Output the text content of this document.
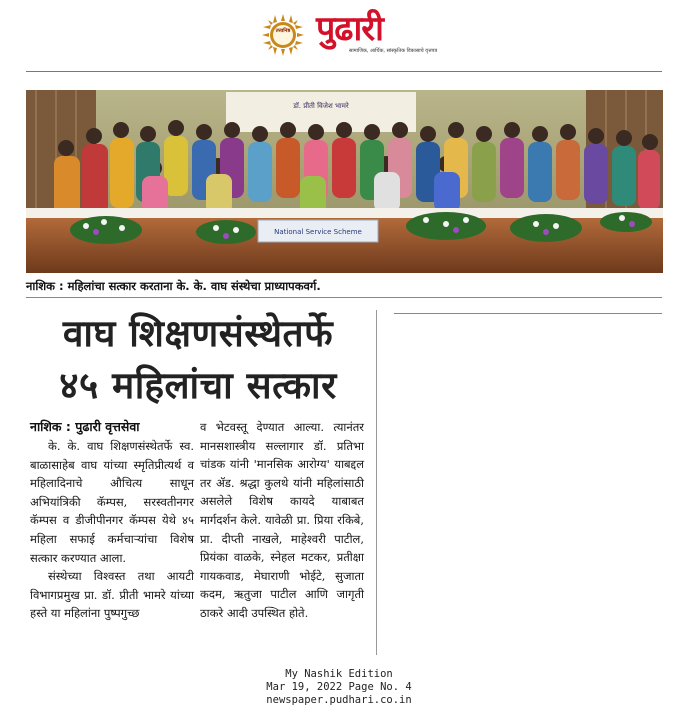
तत्त्वनिष्ठ पुढारी
सामाजिक, आर्थिक, सांस्कृतिक विकासाचे वृत्तपत्र
डॉ. प्रीती विजेश भामरे
National Service Scheme
नाशिक : महिलांचा सत्कार करताना के. के. वाघ संस्थेचा प्राध्यापकवर्ग.
वाघ शिक्षणसंस्थेतर्फे
४५ महिलांचा सत्कार
नाशिक : पुढारी वृत्तसेवा

के. के. वाघ शिक्षणसंस्थेतर्फे स्व. बाळासाहेब वाघ यांच्या स्मृतिप्रीत्यर्थ व महिलादिनाचे औचित्य साधून अभियांत्रिकी कॅम्पस, सरस्वतीनगर कॅम्पस व डीजीपीनगर कॅम्पस येथे ४५ महिला सफाई कर्मचाऱ्यांचा विशेष सत्कार करण्यात आला.

संस्थेच्या विश्वस्त तथा आयटी विभागप्रमुख प्रा. डॉ. प्रीती भामरे यांच्या हस्ते या महिलांना पुष्पगुच्छ

व भेटवस्तू देण्यात आल्या. त्यानंतर मानसशास्त्रीय सल्लागार डॉ. प्रतिभा चांडक यांनी 'मानसिक आरोग्य' याबद्दल तर ॲड. श्रद्धा कुलथे यांनी महिलांसाठी असलेले विशेष कायदे याबाबत मार्गदर्शन केले. यावेळी प्रा. प्रिया रकिबे, प्रा. दीप्ती नाखले, माहेश्वरी पाटील, प्रियंका वाळके, स्नेहल मटकर, प्रतीक्षा गायकवाड, मेघाराणी भोईटे, सुजाता कदम, ऋतुजा पाटील आणि जागृती ठाकरे आदी उपस्थित होते.

My Nashik Edition
Mar 19, 2022 Page No. 4
newspaper.pudhari.co.in
